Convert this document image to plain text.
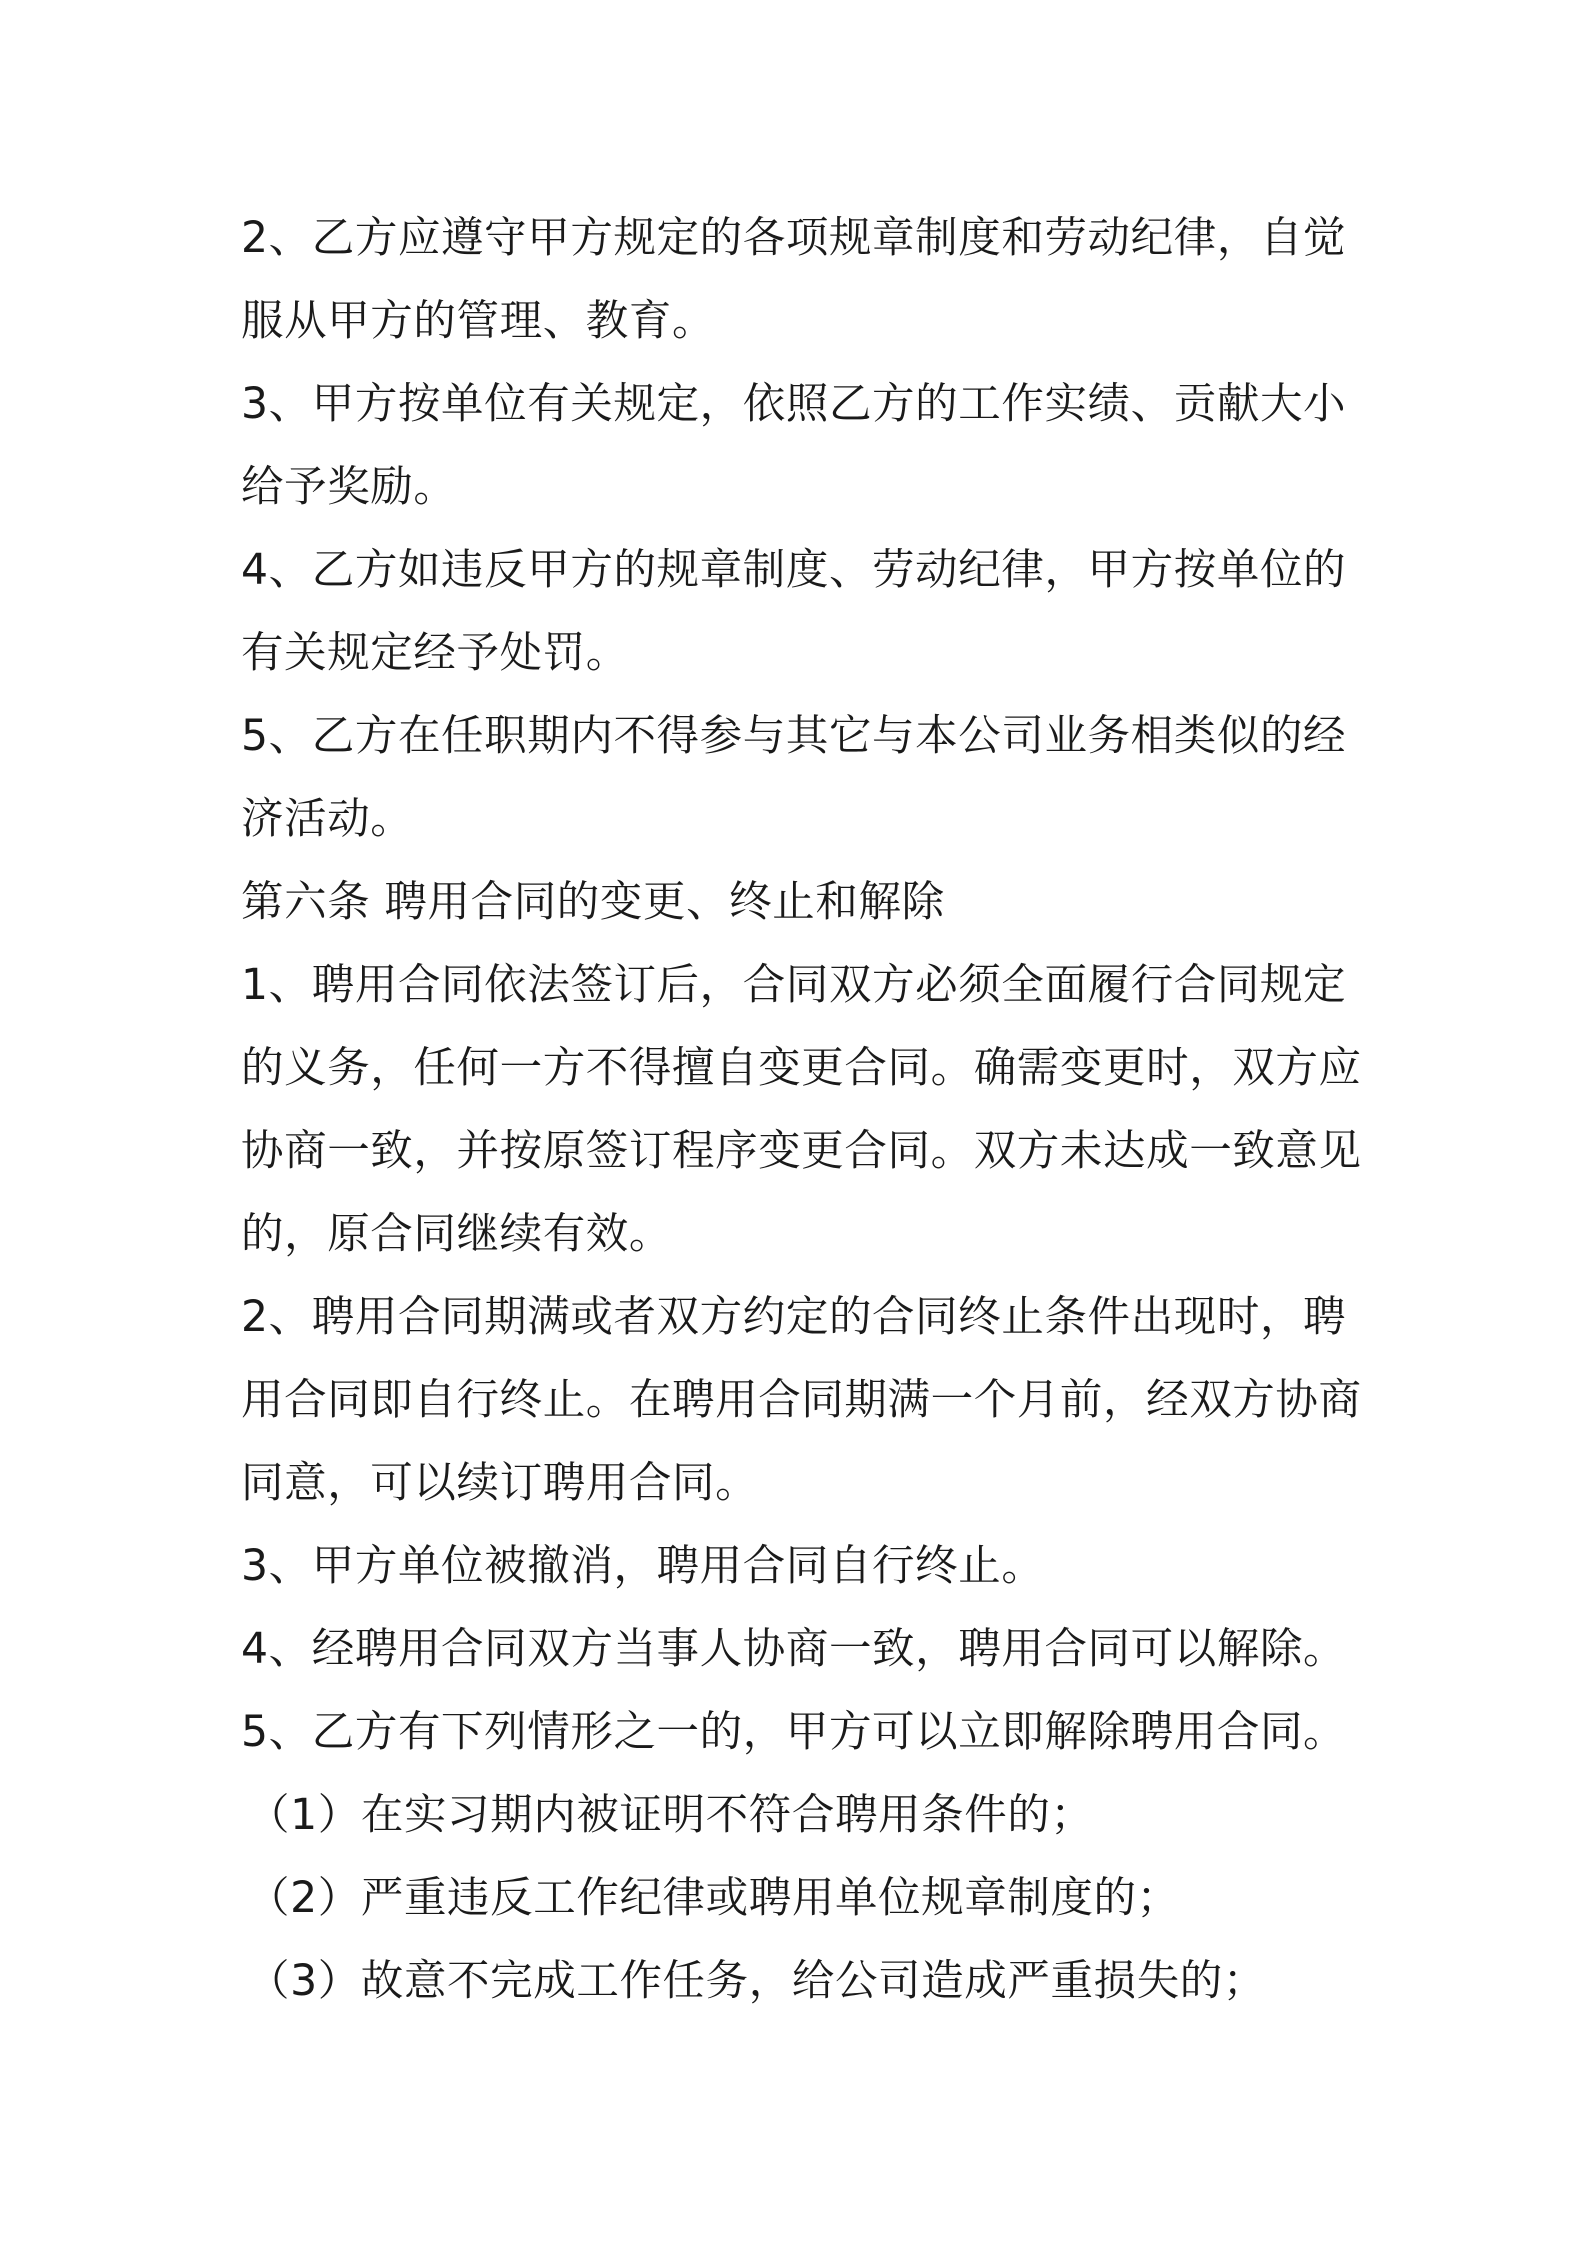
2、乙方应遵守甲方规定的各项规章制度和劳动纪律，自觉
服从甲方的管理、教育。
3、甲方按单位有关规定，依照乙方的工作实绩、贡献大小
给予奖励。
4、乙方如违反甲方的规章制度、劳动纪律，甲方按单位的
有关规定经予处罚。
5、乙方在任职期内不得参与其它与本公司业务相类似的经
济活动。
第六条 聘用合同的变更、终止和解除
1、聘用合同依法签订后，合同双方必须全面履行合同规定
的义务，任何一方不得擅自变更合同。确需变更时，双方应
协商一致，并按原签订程序变更合同。双方未达成一致意见
的，原合同继续有效。
2、聘用合同期满或者双方约定的合同终止条件出现时，聘
用合同即自行终止。在聘用合同期满一个月前，经双方协商
同意，可以续订聘用合同。
3、甲方单位被撤消，聘用合同自行终止。
4、经聘用合同双方当事人协商一致，聘用合同可以解除。
5、乙方有下列情形之一的，甲方可以立即解除聘用合同。
（1）在实习期内被证明不符合聘用条件的；
（2）严重违反工作纪律或聘用单位规章制度的；
（3）故意不完成工作任务，给公司造成严重损失的；
